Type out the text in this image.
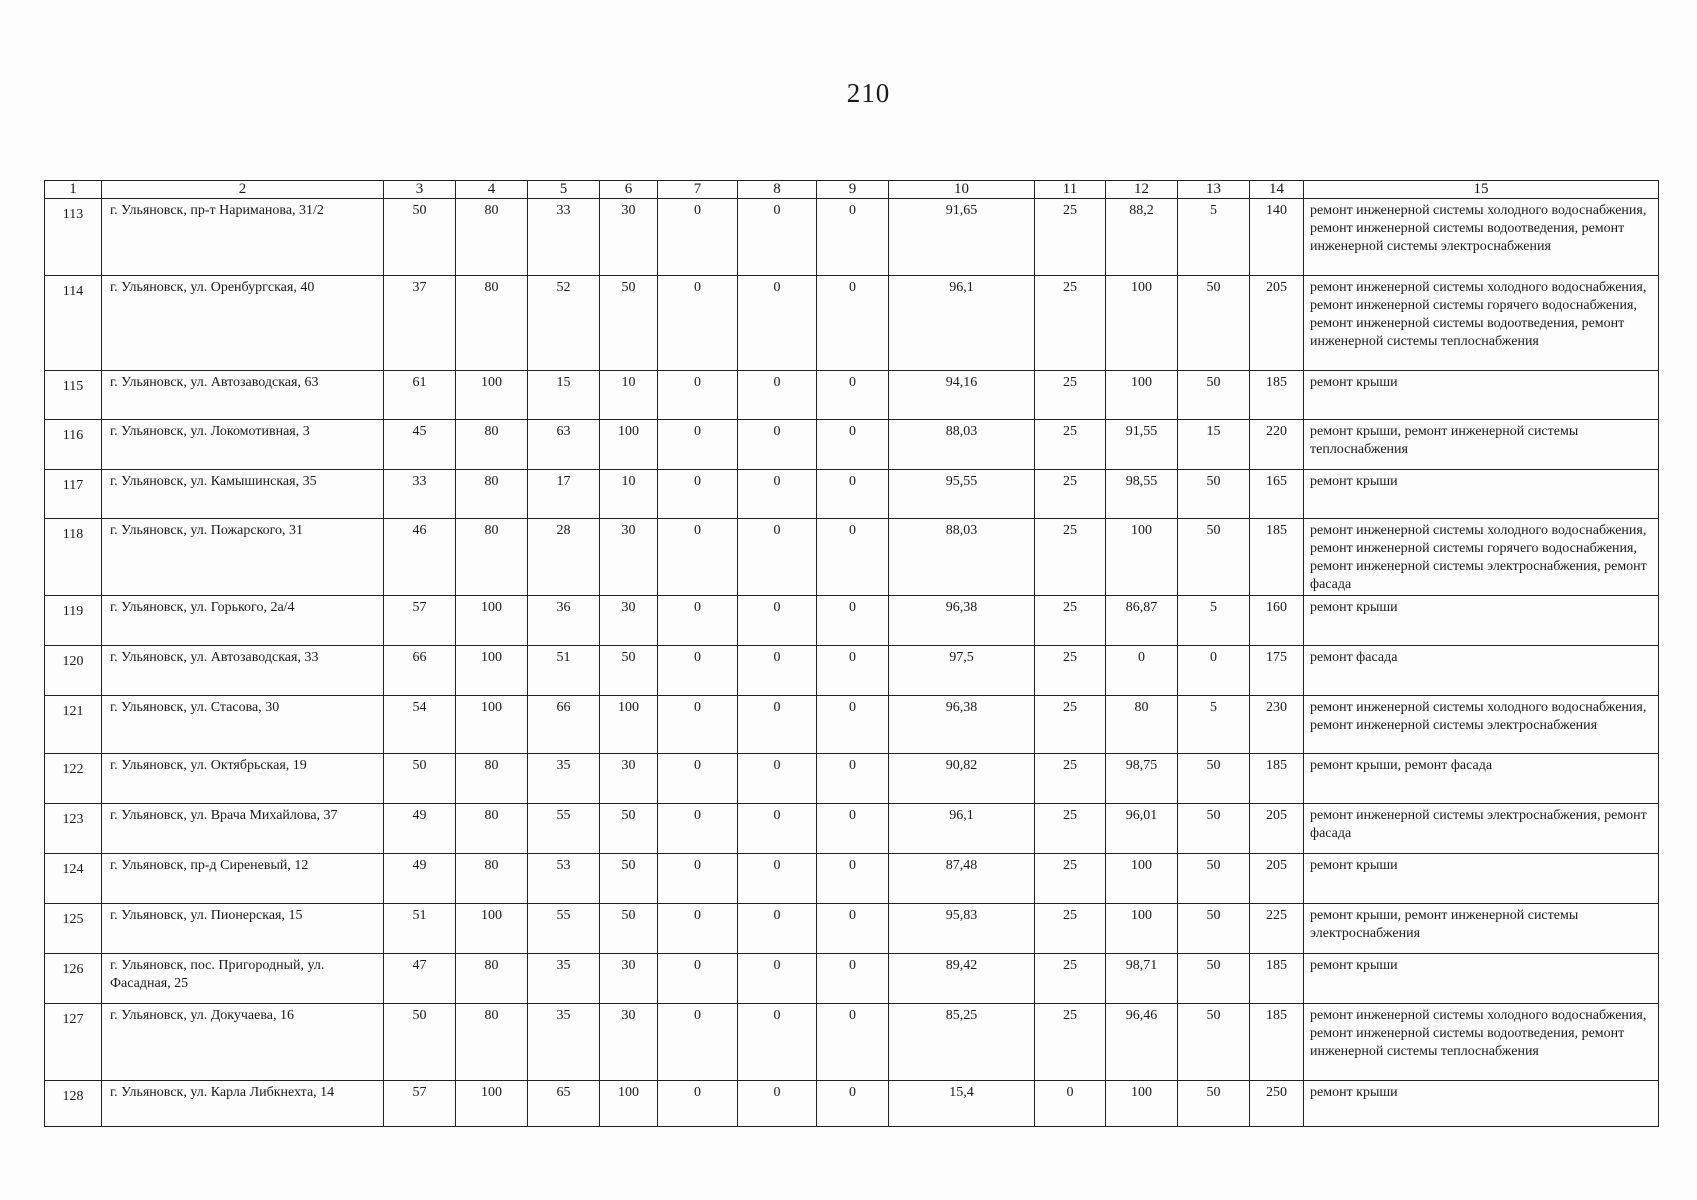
210
1	2	3	4	5	6	7	8	9	10	11	12	13	14	15
113	г. Ульяновск, пр-т Нариманова, 31/2	50	80	33	30	0	0	0	91,65	25	88,2	5	140	ремонт инженерной системы холодного водоснабжения, ремонт инженерной системы водоотведения, ремонт инженерной системы электроснабжения
114	г. Ульяновск, ул. Оренбургская, 40	37	80	52	50	0	0	0	96,1	25	100	50	205	ремонт инженерной системы холодного водоснабжения, ремонт инженерной системы горячего водоснабжения, ремонт инженерной системы водоотведения, ремонт инженерной системы теплоснабжения
115	г. Ульяновск, ул. Автозаводская, 63	61	100	15	10	0	0	0	94,16	25	100	50	185	ремонт крыши
116	г. Ульяновск, ул. Локомотивная, 3	45	80	63	100	0	0	0	88,03	25	91,55	15	220	ремонт крыши, ремонт инженерной системы теплоснабжения
117	г. Ульяновск, ул. Камышинская, 35	33	80	17	10	0	0	0	95,55	25	98,55	50	165	ремонт крыши
118	г. Ульяновск, ул. Пожарского, 31	46	80	28	30	0	0	0	88,03	25	100	50	185	ремонт инженерной системы холодного водоснабжения, ремонт инженерной системы горячего водоснабжения, ремонт инженерной системы электроснабжения, ремонт фасада
119	г. Ульяновск, ул. Горького, 2а/4	57	100	36	30	0	0	0	96,38	25	86,87	5	160	ремонт крыши
120	г. Ульяновск, ул. Автозаводская, 33	66	100	51	50	0	0	0	97,5	25	0	0	175	ремонт фасада
121	г. Ульяновск, ул. Стасова, 30	54	100	66	100	0	0	0	96,38	25	80	5	230	ремонт инженерной системы холодного водоснабжения, ремонт инженерной системы электроснабжения
122	г. Ульяновск, ул. Октябрьская, 19	50	80	35	30	0	0	0	90,82	25	98,75	50	185	ремонт крыши, ремонт фасада
123	г. Ульяновск, ул. Врача Михайлова, 37	49	80	55	50	0	0	0	96,1	25	96,01	50	205	ремонт инженерной системы электроснабжения, ремонт фасада
124	г. Ульяновск, пр-д Сиреневый, 12	49	80	53	50	0	0	0	87,48	25	100	50	205	ремонт крыши
125	г. Ульяновск, ул. Пионерская, 15	51	100	55	50	0	0	0	95,83	25	100	50	225	ремонт крыши, ремонт инженерной системы электроснабжения
126	г. Ульяновск, пос. Пригородный, ул. Фасадная, 25	47	80	35	30	0	0	0	89,42	25	98,71	50	185	ремонт крыши
127	г. Ульяновск, ул. Докучаева, 16	50	80	35	30	0	0	0	85,25	25	96,46	50	185	ремонт инженерной системы холодного водоснабжения, ремонт инженерной системы водоотведения, ремонт инженерной системы теплоснабжения
128	г. Ульяновск, ул. Карла Либкнехта, 14	57	100	65	100	0	0	0	15,4	0	100	50	250	ремонт крыши
